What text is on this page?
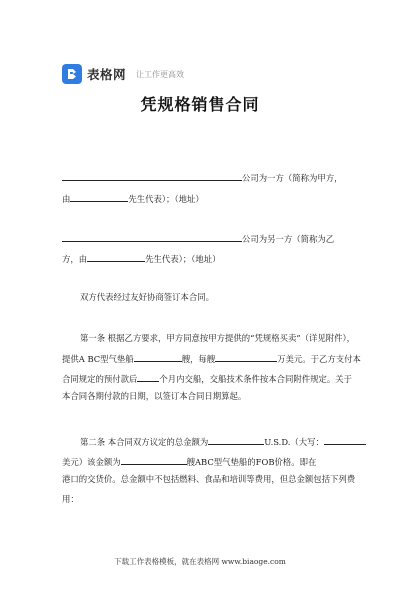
表格网 让工作更高效
凭规格销售合同
公司为一方（简称为甲方，
由	先生代表）；（地址）
公司为另一方（简称为乙
方，由	先生代表）；（地址）
双方代表经过友好协商签订本合同。
第一条 根据乙方要求，甲方同意按甲方提供的“凭规格买卖”（详见附件），
提供A BC型气垫船	艘，每艘	万美元。于乙方支付本
合同规定的预付款后	个月内交船，交船技术条件按本合同附件规定。关于
本合同各期付款的日期，以签订本合同日期算起。
第二条 本合同双方议定的总金额为	U.S.D.（大写：
美元）该金额为	艘ABC型气垫船的FOB价格。即在
港口的交货价。总金额中不包括燃料、食品和培训等费用，但总金额包括下列费
用：
下载工作表格模板，就在表格网 www.biaoge.com
